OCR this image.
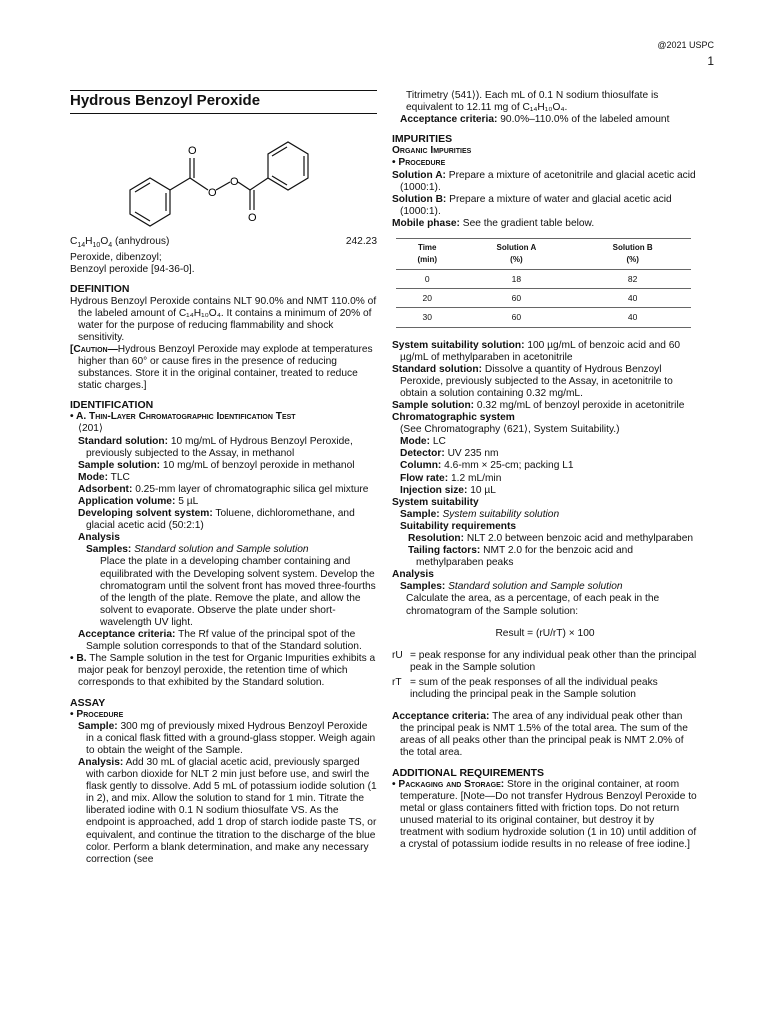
@2021 USPC
1
Hydrous Benzoyl Peroxide
O
O
O
O
$C_{14}H_{10}O_4$ (anhydrous)	242.23
Peroxide, dibenzoyl;
Benzoyl peroxide [94-36-0].
DEFINITION
Hydrous Benzoyl Peroxide contains NLT 90.0% and NMT 110.0% of the labeled amount of C₁₄H₁₀O₄. It contains a minimum of 20% of water for the purpose of reducing flammability and shock sensitivity.
[Caution—Hydrous Benzoyl Peroxide may explode at temperatures higher than 60° or cause fires in the presence of reducing substances. Store it in the original container, treated to reduce static charges.]
IDENTIFICATION
• A. Thin-Layer Chromatographic Identification Test
⟨201⟩
Standard solution: 10 mg/mL of Hydrous Benzoyl Peroxide, previously subjected to the Assay, in methanol
Sample solution: 10 mg/mL of benzoyl peroxide in methanol
Mode: TLC
Adsorbent: 0.25-mm layer of chromatographic silica gel mixture
Application volume: 5 µL
Developing solvent system: Toluene, dichloromethane, and glacial acetic acid (50:2:1)
Analysis
Samples: Standard solution and Sample solution
Place the plate in a developing chamber containing and equilibrated with the Developing solvent system. Develop the chromatogram until the solvent front has moved three-fourths of the length of the plate. Remove the plate, and allow the solvent to evaporate. Observe the plate under short-wavelength UV light.
Acceptance criteria: The Rf value of the principal spot of the Sample solution corresponds to that of the Standard solution.
• B. The Sample solution in the test for Organic Impurities exhibits a major peak for benzoyl peroxide, the retention time of which corresponds to that exhibited by the Standard solution.
ASSAY
• Procedure
Sample: 300 mg of previously mixed Hydrous Benzoyl Peroxide in a conical flask fitted with a ground-glass stopper. Weigh again to obtain the weight of the Sample.
Analysis: Add 30 mL of glacial acetic acid, previously sparged with carbon dioxide for NLT 2 min just before use, and swirl the flask gently to dissolve. Add 5 mL of potassium iodide solution (1 in 2), and mix. Allow the solution to stand for 1 min. Titrate the liberated iodine with 0.1 N sodium thiosulfate VS. As the endpoint is approached, add 1 drop of starch iodide paste TS, or equivalent, and continue the titration to the discharge of the blue color. Perform a blank determination, and make any necessary correction (see
Titrimetry ⟨541⟩). Each mL of 0.1 N sodium thiosulfate is equivalent to 12.11 mg of C₁₄H₁₀O₄.
Acceptance criteria: 90.0%–110.0% of the labeled amount
IMPURITIES
Organic Impurities
• Procedure
Solution A: Prepare a mixture of acetonitrile and glacial acetic acid (1000:1).
Solution B: Prepare a mixture of water and glacial acetic acid (1000:1).
Mobile phase: See the gradient table below.
Time
(min)	Solution A
(%)	Solution B
(%)
0	18	82
20	60	40
30	60	40
System suitability solution: 100 µg/mL of benzoic acid and 60 µg/mL of methylparaben in acetonitrile
Standard solution: Dissolve a quantity of Hydrous Benzoyl Peroxide, previously subjected to the Assay, in acetonitrile to obtain a solution containing 0.32 mg/mL.
Sample solution: 0.32 mg/mL of benzoyl peroxide in acetonitrile
Chromatographic system
(See Chromatography ⟨621⟩, System Suitability.)
Mode: LC
Detector: UV 235 nm
Column: 4.6-mm × 25-cm; packing L1
Flow rate: 1.2 mL/min
Injection size: 10 µL
System suitability
Sample: System suitability solution
Suitability requirements
Resolution: NLT 2.0 between benzoic acid and methylparaben
Tailing factors: NMT 2.0 for the benzoic acid and methylparaben peaks
Analysis
Samples: Standard solution and Sample solution
Calculate the area, as a percentage, of each peak in the chromatogram of the Sample solution:
Result = (rU/rT) × 100
rU = peak response for any individual peak other than the principal peak in the Sample solution
rT = sum of the peak responses of all the individual peaks including the principal peak in the Sample solution
Acceptance criteria: The area of any individual peak other than the principal peak is NMT 1.5% of the total area. The sum of the areas of all peaks other than the principal peak is NMT 2.0% of the total area.
ADDITIONAL REQUIREMENTS
• Packaging and Storage: Store in the original container, at room temperature. [Note—Do not transfer Hydrous Benzoyl Peroxide to metal or glass containers fitted with friction tops. Do not return unused material to its original container, but destroy it by treatment with sodium hydroxide solution (1 in 10) until addition of a crystal of potassium iodide results in no release of free iodine.]
